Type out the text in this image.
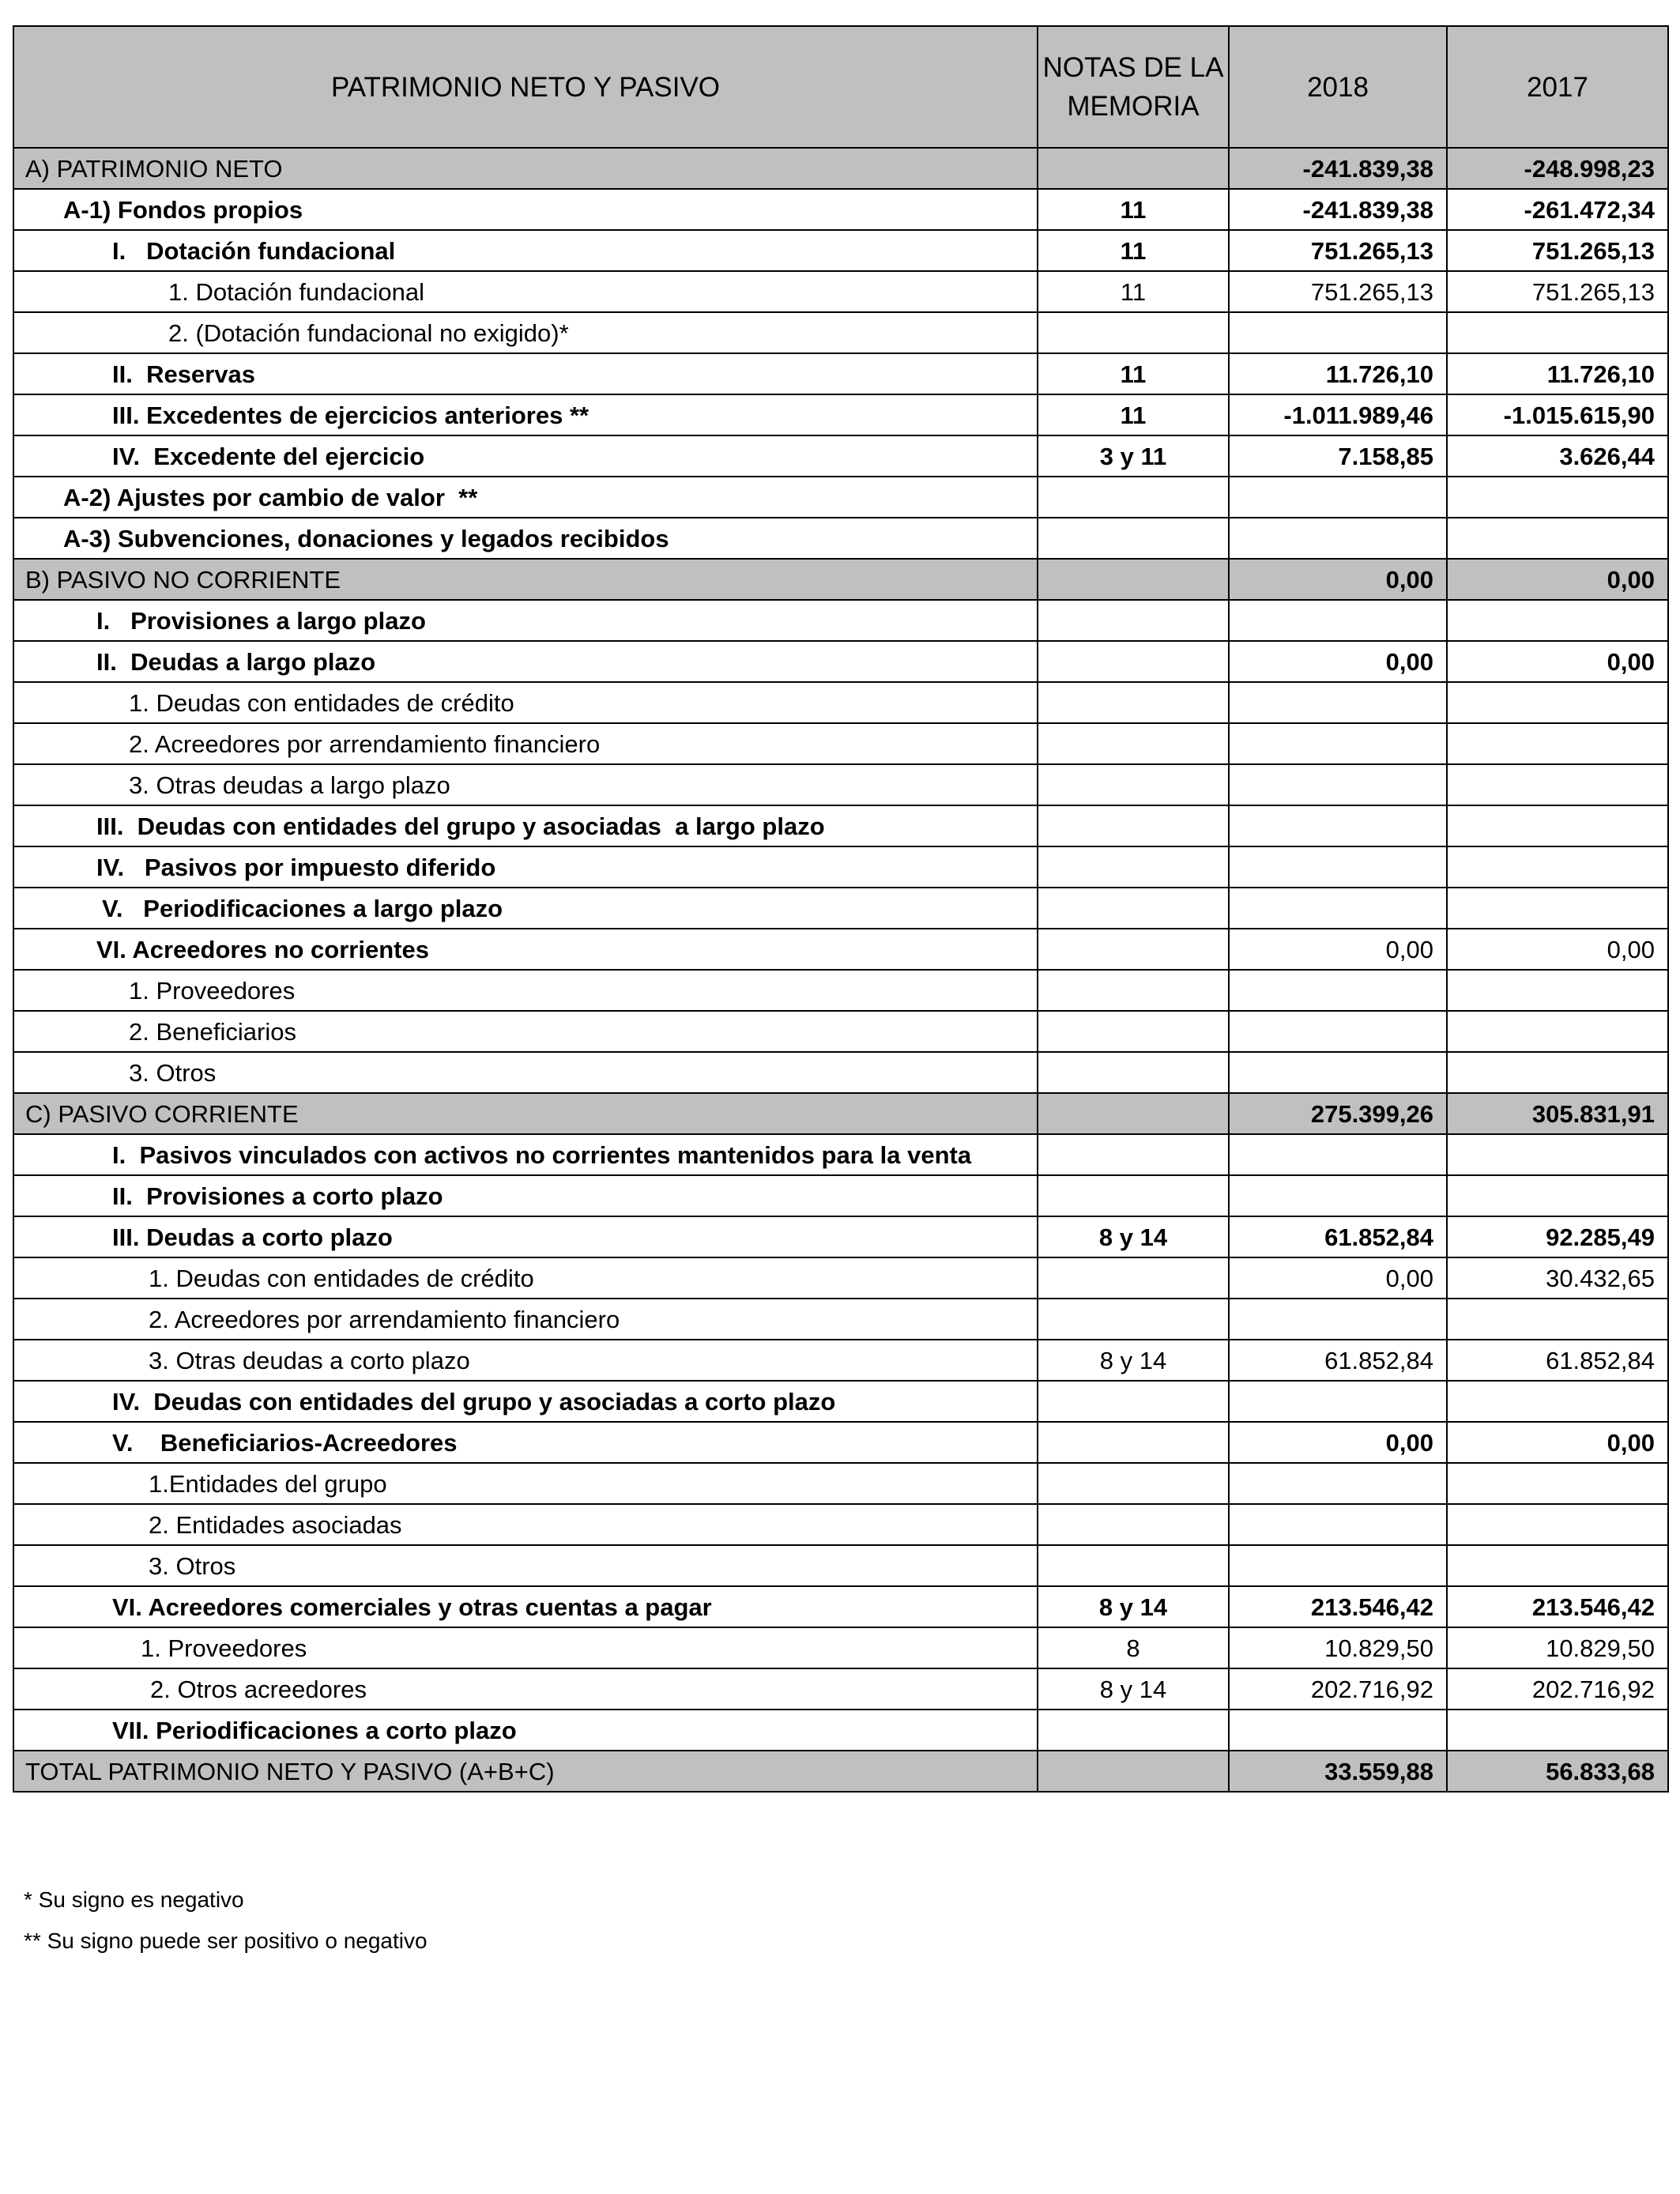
PATRIMONIO NETO Y PASIVO	NOTAS DE LA MEMORIA	2018	2017
A) PATRIMONIO NETO		-241.839,38	-248.998,23
A-1) Fondos propios	11	-241.839,38	-261.472,34
I.   Dotación fundacional	11	751.265,13	751.265,13
1. Dotación fundacional	11	751.265,13	751.265,13
2. (Dotación fundacional no exigido)*			
II.  Reservas	11	11.726,10	11.726,10
III. Excedentes de ejercicios anteriores **	11	-1.011.989,46	-1.015.615,90
IV.  Excedente del ejercicio	3 y 11	7.158,85	3.626,44
A-2) Ajustes por cambio de valor  **			
A-3) Subvenciones, donaciones y legados recibidos			
B) PASIVO NO CORRIENTE		0,00	0,00
I.   Provisiones a largo plazo			
II.  Deudas a largo plazo		0,00	0,00
1. Deudas con entidades de crédito			
2. Acreedores por arrendamiento financiero			
3. Otras deudas a largo plazo			
III.  Deudas con entidades del grupo y asociadas  a largo plazo			
IV.   Pasivos por impuesto diferido			
V.   Periodificaciones a largo plazo			
VI. Acreedores no corrientes		0,00	0,00
1. Proveedores			
2. Beneficiarios			
3. Otros			
C) PASIVO CORRIENTE		275.399,26	305.831,91
I.  Pasivos vinculados con activos no corrientes mantenidos para la venta			
II.  Provisiones a corto plazo			
III. Deudas a corto plazo	8 y 14	61.852,84	92.285,49
1. Deudas con entidades de crédito		0,00	30.432,65
2. Acreedores por arrendamiento financiero			
3. Otras deudas a corto plazo	8 y 14	61.852,84	61.852,84
IV.  Deudas con entidades del grupo y asociadas a corto plazo			
V.    Beneficiarios-Acreedores		0,00	0,00
1.Entidades del grupo			
2. Entidades asociadas			
3. Otros			
VI. Acreedores comerciales y otras cuentas a pagar	8 y 14	213.546,42	213.546,42
1. Proveedores	8	10.829,50	10.829,50
2. Otros acreedores	8 y 14	202.716,92	202.716,92
VII. Periodificaciones a corto plazo			
TOTAL PATRIMONIO NETO Y PASIVO (A+B+C)		33.559,88	56.833,68
* Su signo es negativo
** Su signo puede ser positivo o negativo
